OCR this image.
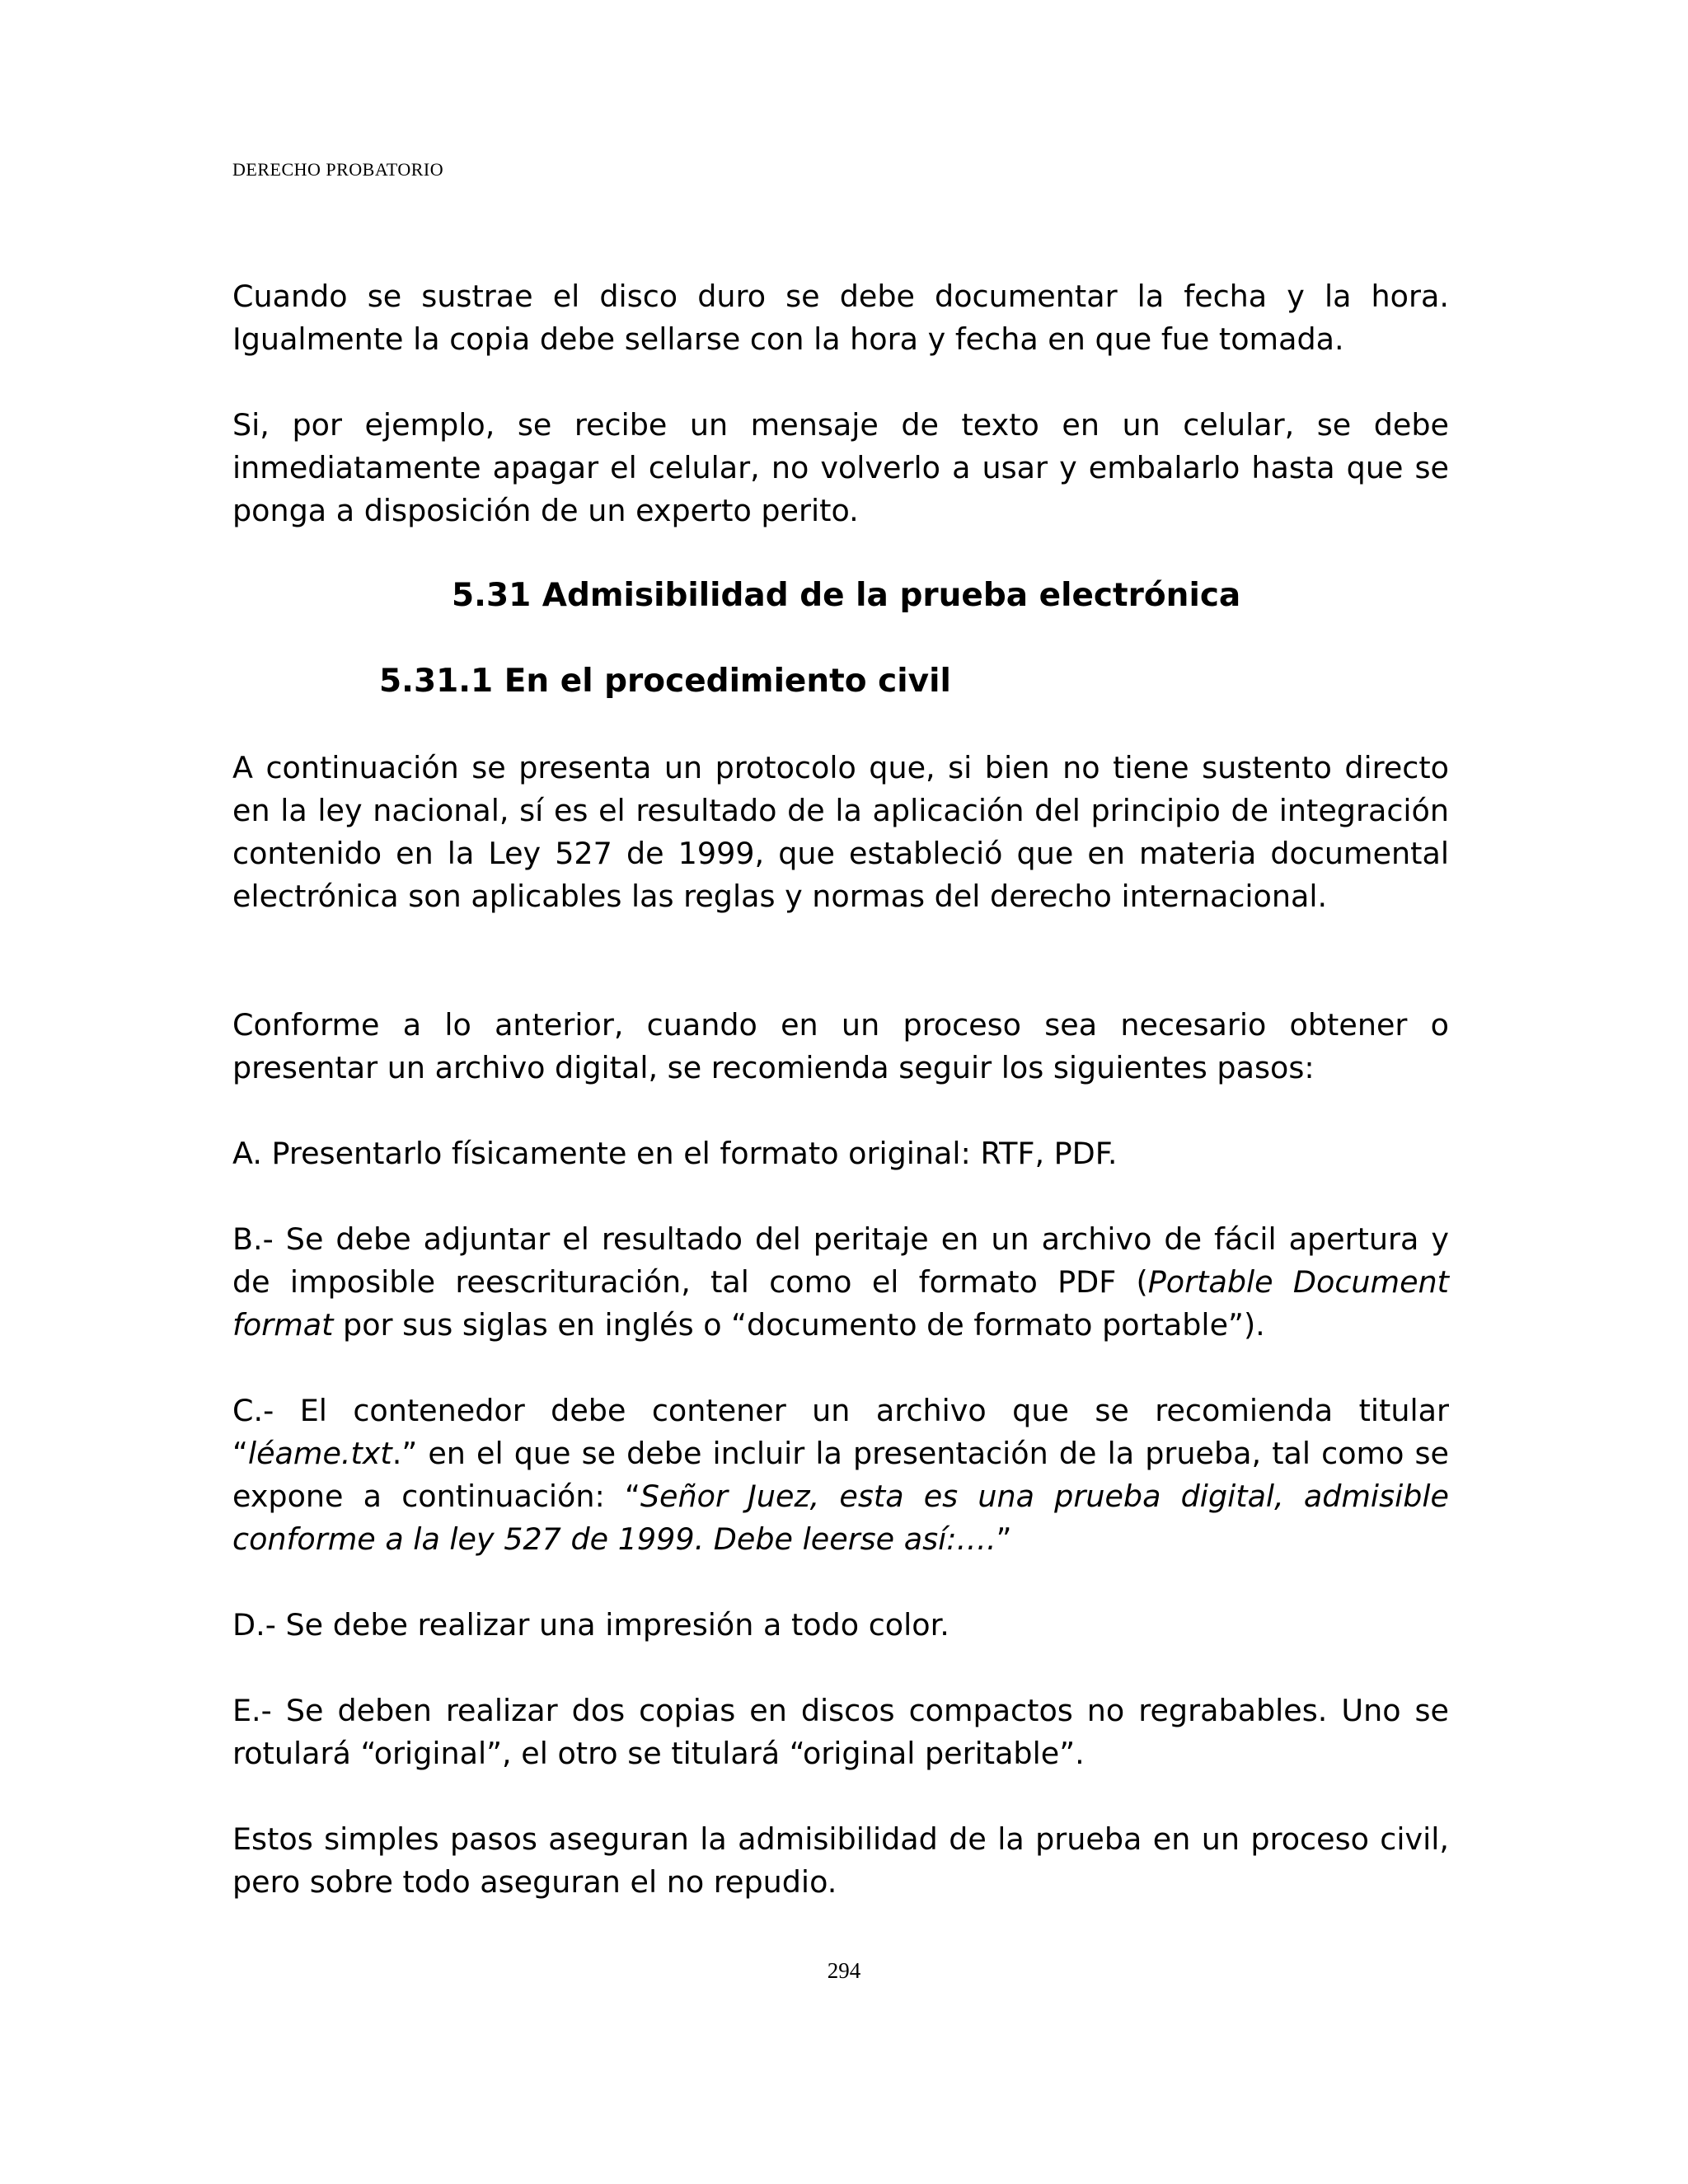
DERECHO PROBATORIO

Cuando se sustrae el disco duro se debe documentar la fecha y la hora. Igualmente la copia debe sellarse con la hora y fecha en que fue tomada.

Si, por ejemplo, se recibe un mensaje de texto en un celular, se debe inmediatamente apagar el celular, no volverlo a usar y embalarlo hasta que se ponga a disposición de un experto perito.

5.31 Admisibilidad de la prueba electrónica
5.31.1 En el procedimiento civil

A continuación se presenta un protocolo que, si bien no tiene sustento directo en la ley nacional, sí es el resultado de la aplicación del principio de integración contenido en la Ley 527 de 1999, que estableció que en materia documental electrónica son aplicables las reglas y normas del derecho internacional.

Conforme a lo anterior, cuando en un proceso sea necesario obtener o presentar un archivo digital, se recomienda seguir los siguientes pasos:

A. Presentarlo físicamente en el formato original: RTF, PDF.

B.- Se debe adjuntar el resultado del peritaje en un archivo de fácil apertura y de imposible reescrituración, tal como el formato PDF (Portable Document format por sus siglas en inglés o “documento de formato portable”).

C.- El contenedor debe contener un archivo que se recomienda titular “léame.txt.” en el que se debe incluir la presentación de la prueba, tal como se expone a continuación: “Señor Juez, esta es una prueba digital, admisible conforme a la ley 527 de 1999. Debe leerse así:….”

D.- Se debe realizar una impresión a todo color.

E.- Se deben realizar dos copias en discos compactos no regrabables. Uno se rotulará “original”, el otro se titulará “original peritable”.

Estos simples pasos aseguran la admisibilidad de la prueba en un proceso civil, pero sobre todo aseguran el no repudio.

294
